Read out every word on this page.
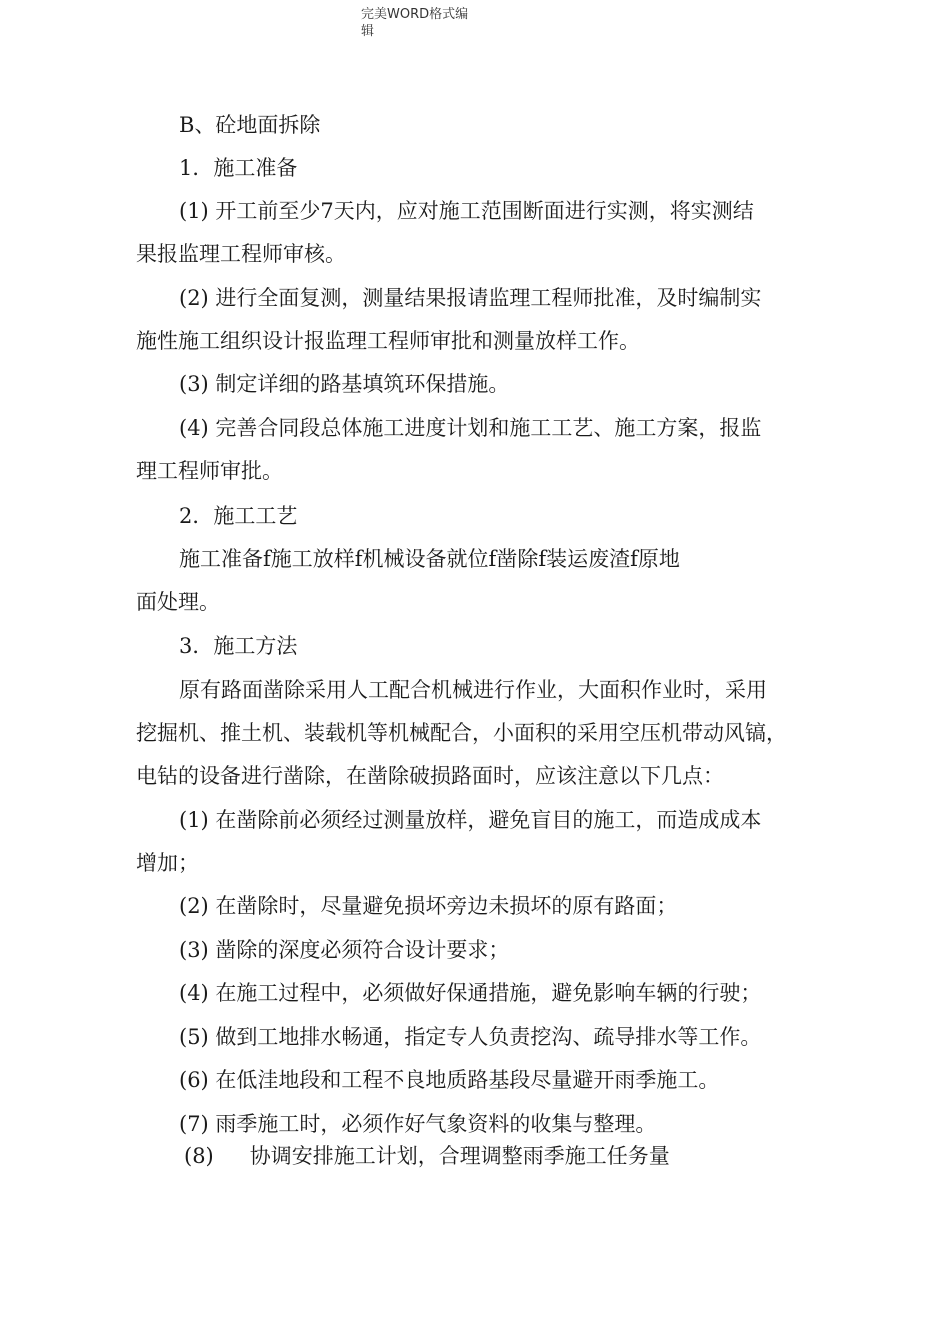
完美WORD格式编
辑
B、砼地面拆除
1．施工准备
(1) 开工前至少7天内，应对施工范围断面进行实测，将实测结
果报监理工程师审核。
(2) 进行全面复测，测量结果报请监理工程师批准，及时编制实
施性施工组织设计报监理工程师审批和测量放样工作。
(3) 制定详细的路基填筑环保措施。
(4) 完善合同段总体施工进度计划和施工工艺、施工方案，报监
理工程师审批。
2．施工工艺
施工准备f施工放样f机械设备就位f凿除f装运废渣f原地
面处理。
3．施工方法
原有路面凿除采用人工配合机械进行作业，大面积作业时，采用
挖掘机、推土机、装载机等机械配合，小面积的采用空压机带动风镐，
电钻的设备进行凿除，在凿除破损路面时，应该注意以下几点：
(1) 在凿除前必须经过测量放样，避免盲目的施工，而造成成本
增加；
(2) 在凿除时，尽量避免损坏旁边未损坏的原有路面；
(3) 凿除的深度必须符合设计要求；
(4) 在施工过程中，必须做好保通措施，避免影响车辆的行驶；
(5) 做到工地排水畅通，指定专人负责挖沟、疏导排水等工作。
(6) 在低洼地段和工程不良地质路基段尽量避开雨季施工。
(7) 雨季施工时，必须作好气象资料的收集与整理。
(8) 协调安排施工计划，合理调整雨季施工任务量
